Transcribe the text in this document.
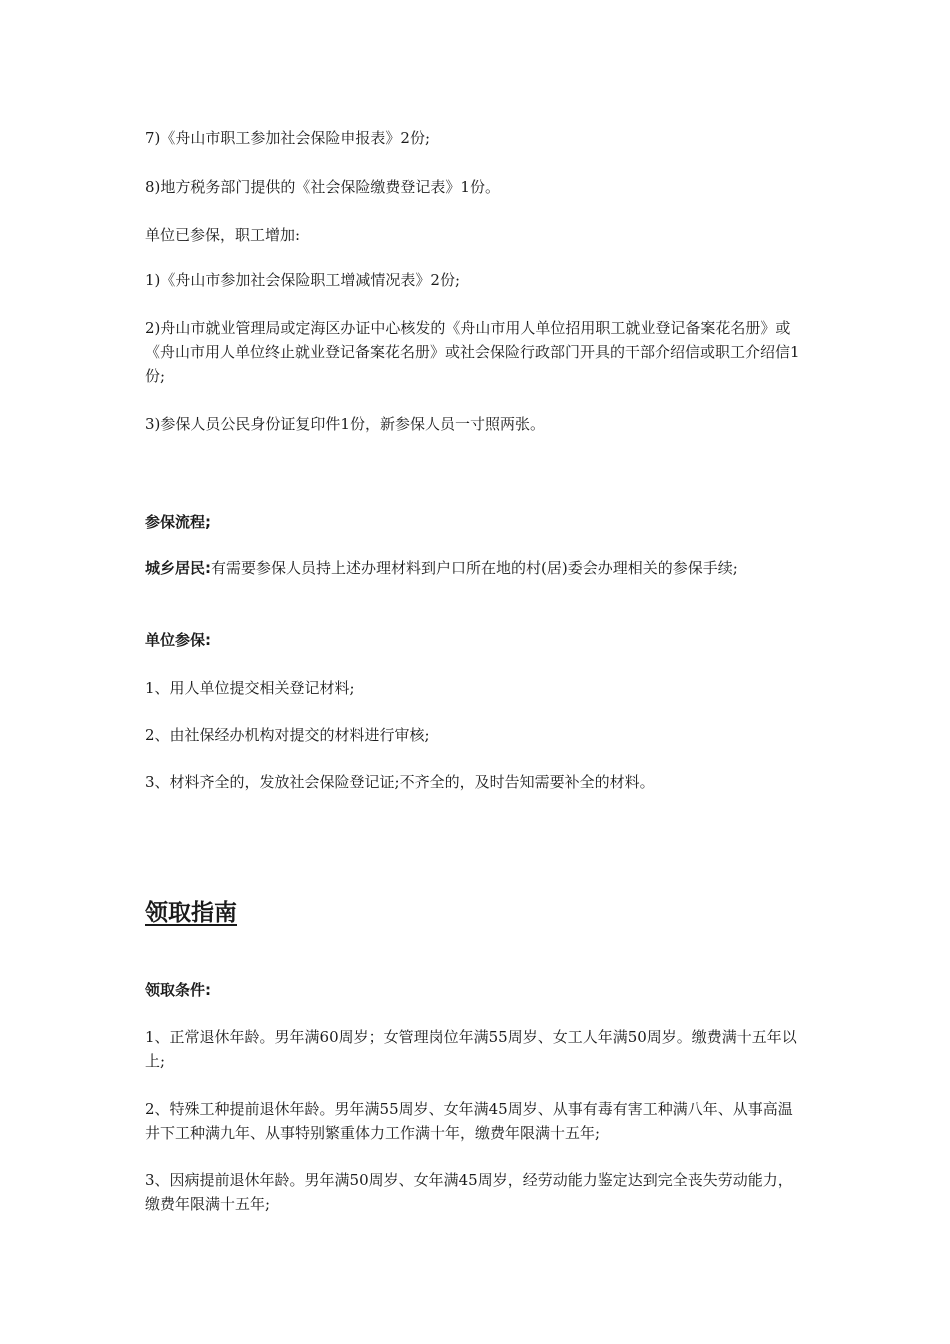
7)《舟山市职工参加社会保险申报表》2份;

8)地方税务部门提供的《社会保险缴费登记表》1份。

单位已参保，职工增加:

1)《舟山市参加社会保险职工增减情况表》2份;

2)舟山市就业管理局或定海区办证中心核发的《舟山市用人单位招用职工就业登记备案花名册》或《舟山市用人单位终止就业登记备案花名册》或社会保险行政部门开具的干部介绍信或职工介绍信1份;

3)参保人员公民身份证复印件1份，新参保人员一寸照两张。

参保流程;

城乡居民:有需要参保人员持上述办理材料到户口所在地的村(居)委会办理相关的参保手续;

单位参保:

1、用人单位提交相关登记材料;

2、由社保经办机构对提交的材料进行审核;

3、材料齐全的，发放社会保险登记证;不齐全的，及时告知需要补全的材料。

领取指南

领取条件:

1、正常退休年龄。男年满60周岁；女管理岗位年满55周岁、女工人年满50周岁。缴费满十五年以上;

2、特殊工种提前退休年龄。男年满55周岁、女年满45周岁、从事有毒有害工种满八年、从事高温井下工种满九年、从事特别繁重体力工作满十年，缴费年限满十五年;

3、因病提前退休年龄。男年满50周岁、女年满45周岁，经劳动能力鉴定达到完全丧失劳动能力，缴费年限满十五年;
